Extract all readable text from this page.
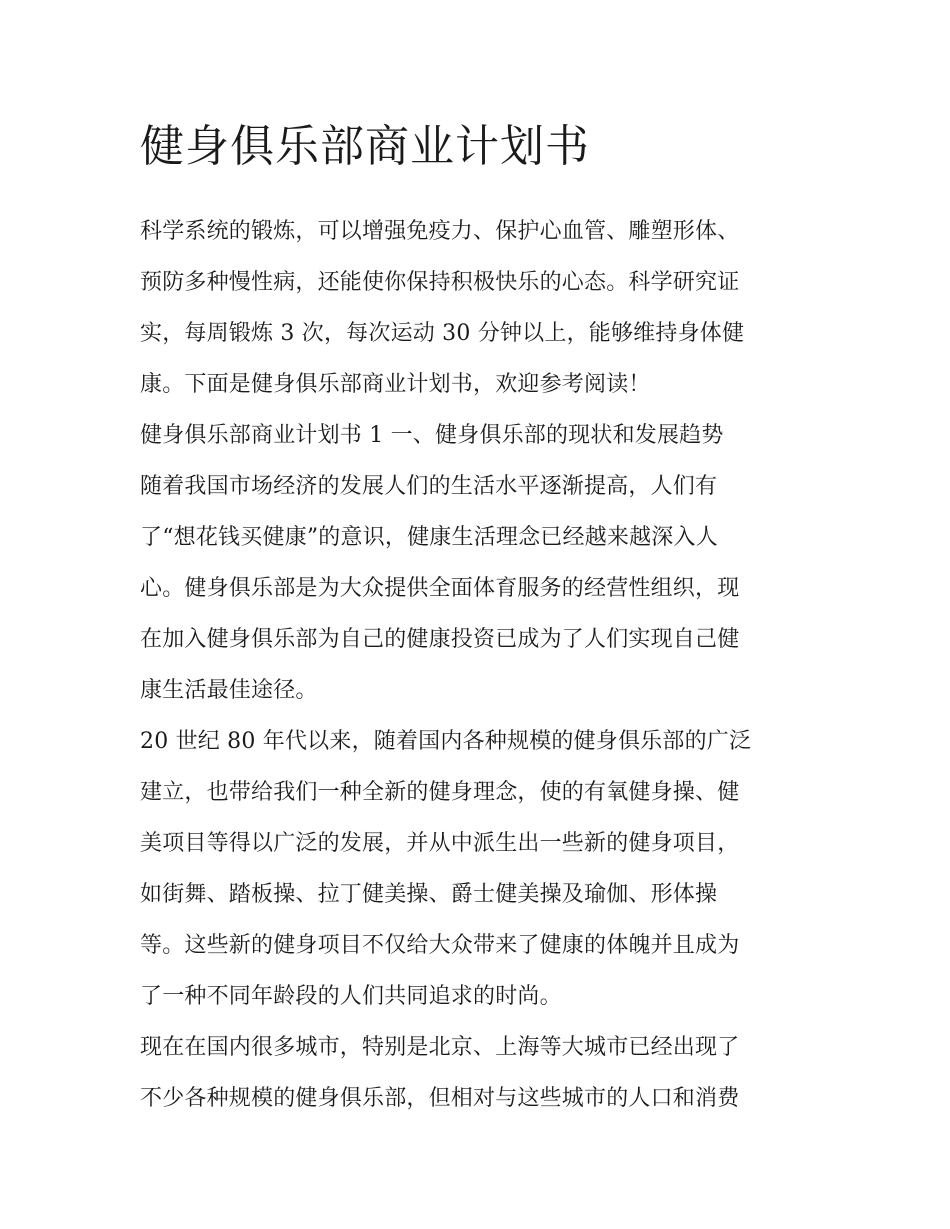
健身俱乐部商业计划书

科学系统的锻炼，可以增强免疫力、保护心血管、雕塑形体、
预防多种慢性病，还能使你保持积极快乐的心态。科学研究证
实，每周锻炼 3 次，每次运动 30 分钟以上，能够维持身体健
康。下面是健身俱乐部商业计划书，欢迎参考阅读！

健身俱乐部商业计划书 1 一、健身俱乐部的现状和发展趋势
随着我国市场经济的发展人们的生活水平逐渐提高，人们有
了“想花钱买健康”的意识，健康生活理念已经越来越深入人
心。健身俱乐部是为大众提供全面体育服务的经营性组织，现
在加入健身俱乐部为自己的健康投资已成为了人们实现自己健
康生活最佳途径。

20 世纪 80 年代以来，随着国内各种规模的健身俱乐部的广泛
建立，也带给我们一种全新的健身理念，使的有氧健身操、健
美项目等得以广泛的发展，并从中派生出一些新的健身项目，
如街舞、踏板操、拉丁健美操、爵士健美操及瑜伽、形体操
等。这些新的健身项目不仅给大众带来了健康的体魄并且成为
了一种不同年龄段的人们共同追求的时尚。

现在在国内很多城市，特别是北京、上海等大城市已经出现了
不少各种规模的健身俱乐部，但相对与这些城市的人口和消费
